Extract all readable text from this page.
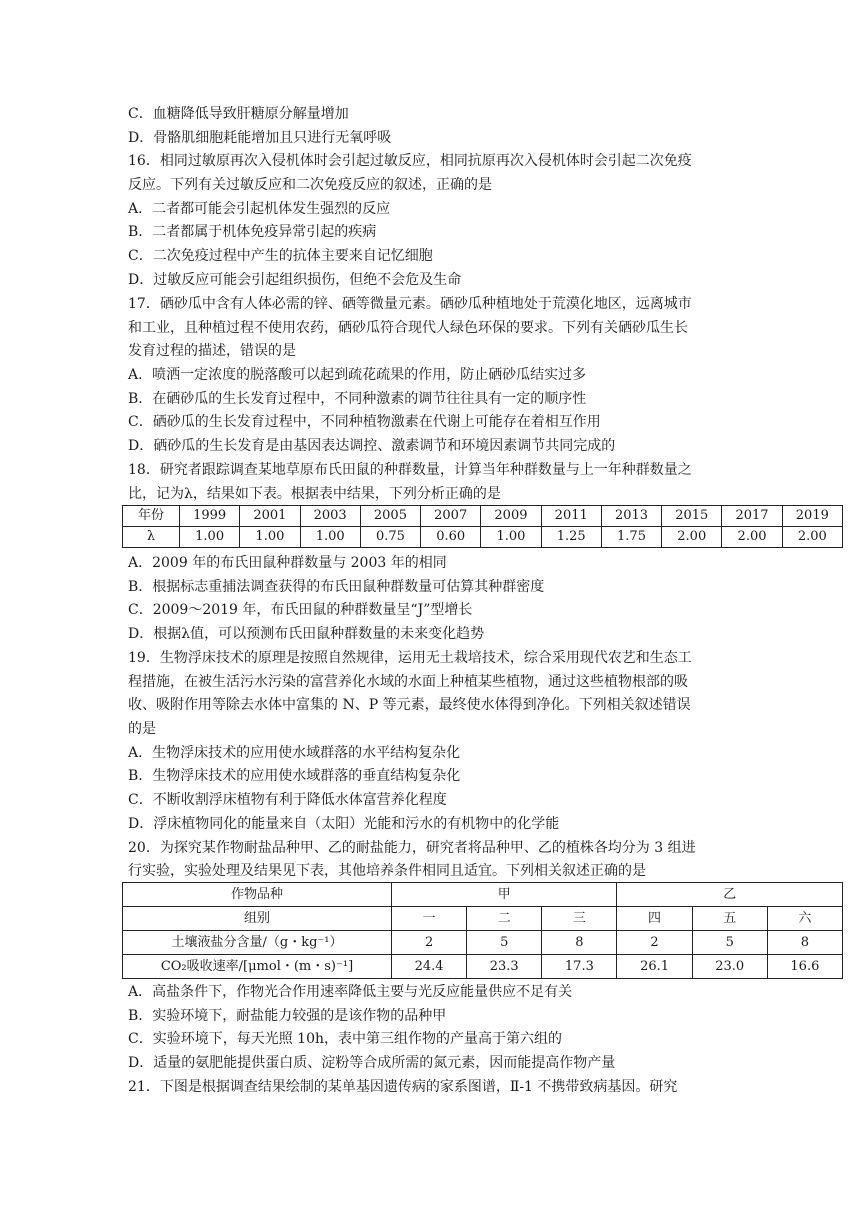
C．血糖降低导致肝糖原分解量增加
D．骨骼肌细胞耗能增加且只进行无氧呼吸
16．相同过敏原再次入侵机体时会引起过敏反应，相同抗原再次入侵机体时会引起二次免疫
反应。下列有关过敏反应和二次免疫反应的叙述，正确的是
A．二者都可能会引起机体发生强烈的反应
B．二者都属于机体免疫异常引起的疾病
C．二次免疫过程中产生的抗体主要来自记忆细胞
D．过敏反应可能会引起组织损伤，但绝不会危及生命
17．硒砂瓜中含有人体必需的锌、硒等微量元素。硒砂瓜种植地处于荒漠化地区，远离城市
和工业，且种植过程不使用农药，硒砂瓜符合现代人绿色环保的要求。下列有关硒砂瓜生长
发育过程的描述，错误的是
A．喷洒一定浓度的脱落酸可以起到疏花疏果的作用，防止硒砂瓜结实过多
B．在硒砂瓜的生长发育过程中，不同种激素的调节往往具有一定的顺序性
C．硒砂瓜的生长发育过程中，不同种植物激素在代谢上可能存在着相互作用
D．硒砂瓜的生长发育是由基因表达调控、激素调节和环境因素调节共同完成的
18．研究者跟踪调查某地草原布氏田鼠的种群数量，计算当年种群数量与上一年种群数量之
比，记为λ，结果如下表。根据表中结果，下列分析正确的是
年份	1999	2001	2003	2005	2007	2009	2011	2013	2015	2017	2019
λ	1.00	1.00	1.00	0.75	0.60	1.00	1.25	1.75	2.00	2.00	2.00
A．2009 年的布氏田鼠种群数量与 2003 年的相同
B．根据标志重捕法调查获得的布氏田鼠种群数量可估算其种群密度
C．2009～2019 年，布氏田鼠的种群数量呈“J”型增长
D．根据λ值，可以预测布氏田鼠种群数量的未来变化趋势
19．生物浮床技术的原理是按照自然规律，运用无土栽培技术，综合采用现代农艺和生态工
程措施，在被生活污水污染的富营养化水域的水面上种植某些植物，通过这些植物根部的吸
收、吸附作用等除去水体中富集的 N、P 等元素，最终使水体得到净化。下列相关叙述错误
的是
A．生物浮床技术的应用使水域群落的水平结构复杂化
B．生物浮床技术的应用使水域群落的垂直结构复杂化
C．不断收割浮床植物有利于降低水体富营养化程度
D．浮床植物同化的能量来自（太阳）光能和污水的有机物中的化学能
20．为探究某作物耐盐品种甲、乙的耐盐能力，研究者将品种甲、乙的植株各均分为 3 组进
行实验，实验处理及结果见下表，其他培养条件相同且适宜。下列相关叙述正确的是
作物品种	甲			乙		
组别	一	二	三	四	五	六
土壤液盐分含量/（g・kg⁻¹）	2	5	8	2	5	8
CO₂吸收速率/[μmol・(m・s)⁻¹]	24.4	23.3	17.3	26.1	23.0	16.6
A．高盐条件下，作物光合作用速率降低主要与光反应能量供应不足有关
B．实验环境下，耐盐能力较强的是该作物的品种甲
C．实验环境下，每天光照 10h，表中第三组作物的产量高于第六组的
D．适量的氨肥能提供蛋白质、淀粉等合成所需的氮元素，因而能提高作物产量
21．下图是根据调查结果绘制的某单基因遗传病的家系图谱，Ⅱ-1 不携带致病基因。研究
